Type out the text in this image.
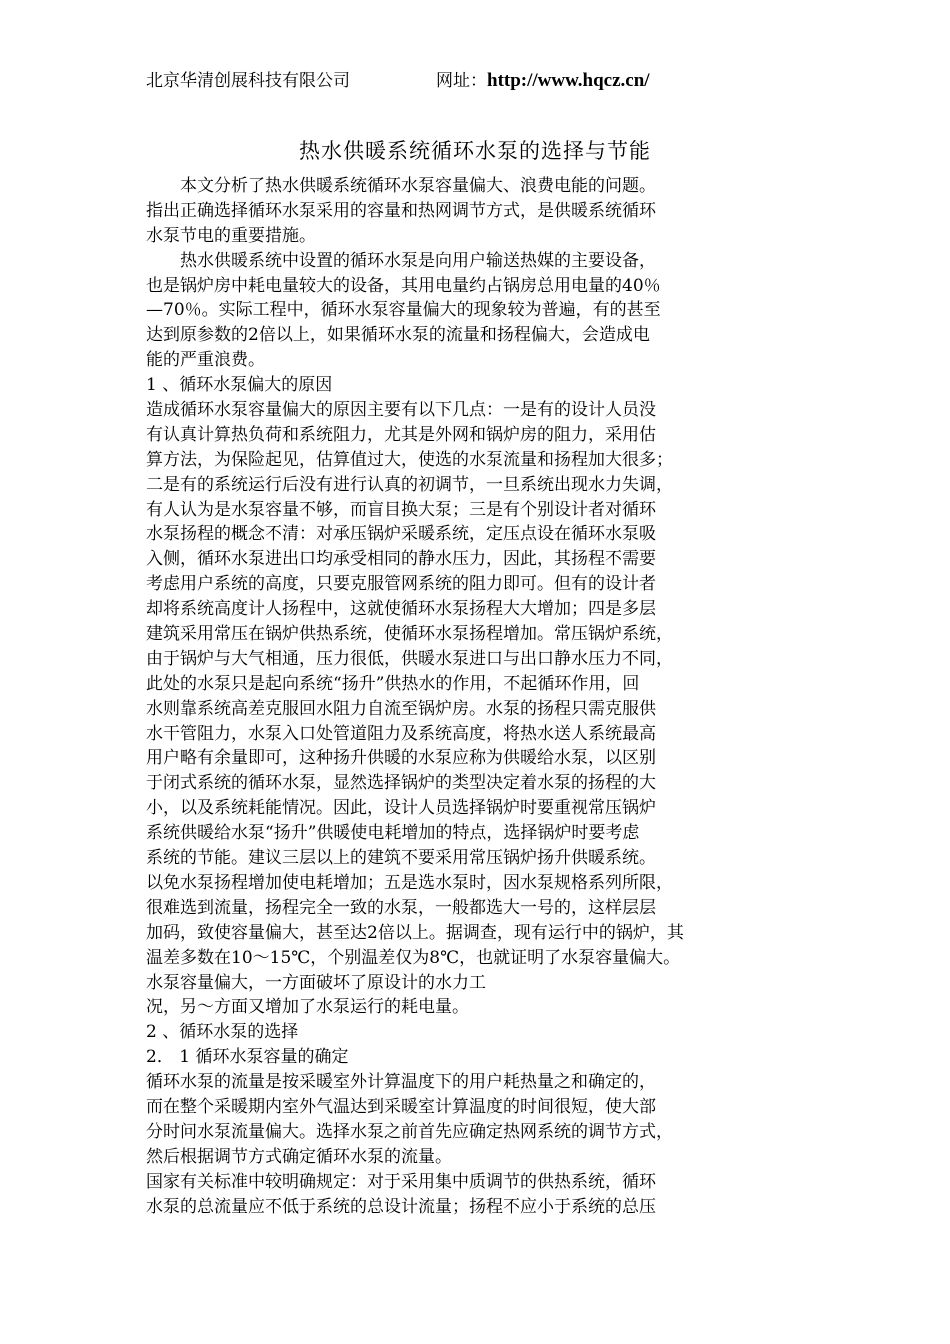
北京华清创展科技有限公司	网址：http://www.hqcz.cn/
热水供暖系统循环水泵的选择与节能
本文分析了热水供暖系统循环水泵容量偏大、浪费电能的问题。
指出正确选择循环水泵采用的容量和热网调节方式，是供暖系统循环
水泵节电的重要措施。
热水供暖系统中设置的循环水泵是向用户输送热媒的主要设备，
也是锅炉房中耗电量较大的设备，其用电量约占锅房总用电量的40％
—70％。实际工程中，循环水泵容量偏大的现象较为普遍，有的甚至
达到原参数的2倍以上，如果循环水泵的流量和扬程偏大，会造成电
能的严重浪费。
1 、循环水泵偏大的原因
造成循环水泵容量偏大的原因主要有以下几点：一是有的设计人员没
有认真计算热负荷和系统阻力，尤其是外网和锅炉房的阻力，采用估
算方法，为保险起见，估算值过大，使选的水泵流量和扬程加大很多；
二是有的系统运行后没有进行认真的初调节，一旦系统出现水力失调，
有人认为是水泵容量不够，而盲目换大泵；三是有个别设计者对循环
水泵扬程的概念不清：对承压锅炉采暖系统，定压点设在循环水泵吸
入侧，循环水泵进出口均承受相同的静水压力，因此，其扬程不需要
考虑用户系统的高度，只要克服管网系统的阻力即可。但有的设计者
却将系统高度计人扬程中，这就使循环水泵扬程大大增加；四是多层
建筑采用常压在锅炉供热系统，使循环水泵扬程增加。常压锅炉系统，
由于锅炉与大气相通，压力很低，供暖水泵进口与出口静水压力不同，
此处的水泵只是起向系统“扬升”供热水的作用，不起循环作用，回
水则靠系统高差克服回水阻力自流至锅炉房。水泵的扬程只需克服供
水干管阻力，水泵入口处管道阻力及系统高度，将热水送人系统最高
用户略有余量即可，这种扬升供暖的水泵应称为供暖给水泵，以区别
于闭式系统的循环水泵，显然选择锅炉的类型决定着水泵的扬程的大
小，以及系统耗能情况。因此，设计人员选择锅炉时要重视常压锅炉
系统供暖给水泵“扬升”供暖使电耗增加的特点，选择锅炉时要考虑
系统的节能。建议三层以上的建筑不要采用常压锅炉扬升供暖系统。
以免水泵扬程增加使电耗增加；五是选水泵时，因水泵规格系列所限，
很难选到流量，扬程完全一致的水泵，一般都选大一号的，这样层层
加码，致使容量偏大，甚至达2倍以上。据调查，现有运行中的锅炉，其
温差多数在10～15℃，个别温差仅为8℃，也就证明了水泵容量偏大。
水泵容量偏大，一方面破坏了原设计的水力工
况，另～方面又增加了水泵运行的耗电量。
2 、循环水泵的选择
2． 1 循环水泵容量的确定
循环水泵的流量是按采暖室外计算温度下的用户耗热量之和确定的，
而在整个采暖期内室外气温达到采暖室计算温度的时间很短，使大部
分时问水泵流量偏大。选择水泵之前首先应确定热网系统的调节方式，
然后根据调节方式确定循环水泵的流量。
国家有关标准中较明确规定：对于采用集中质调节的供热系统，循环
水泵的总流量应不低于系统的总设计流量；扬程不应小于系统的总压
